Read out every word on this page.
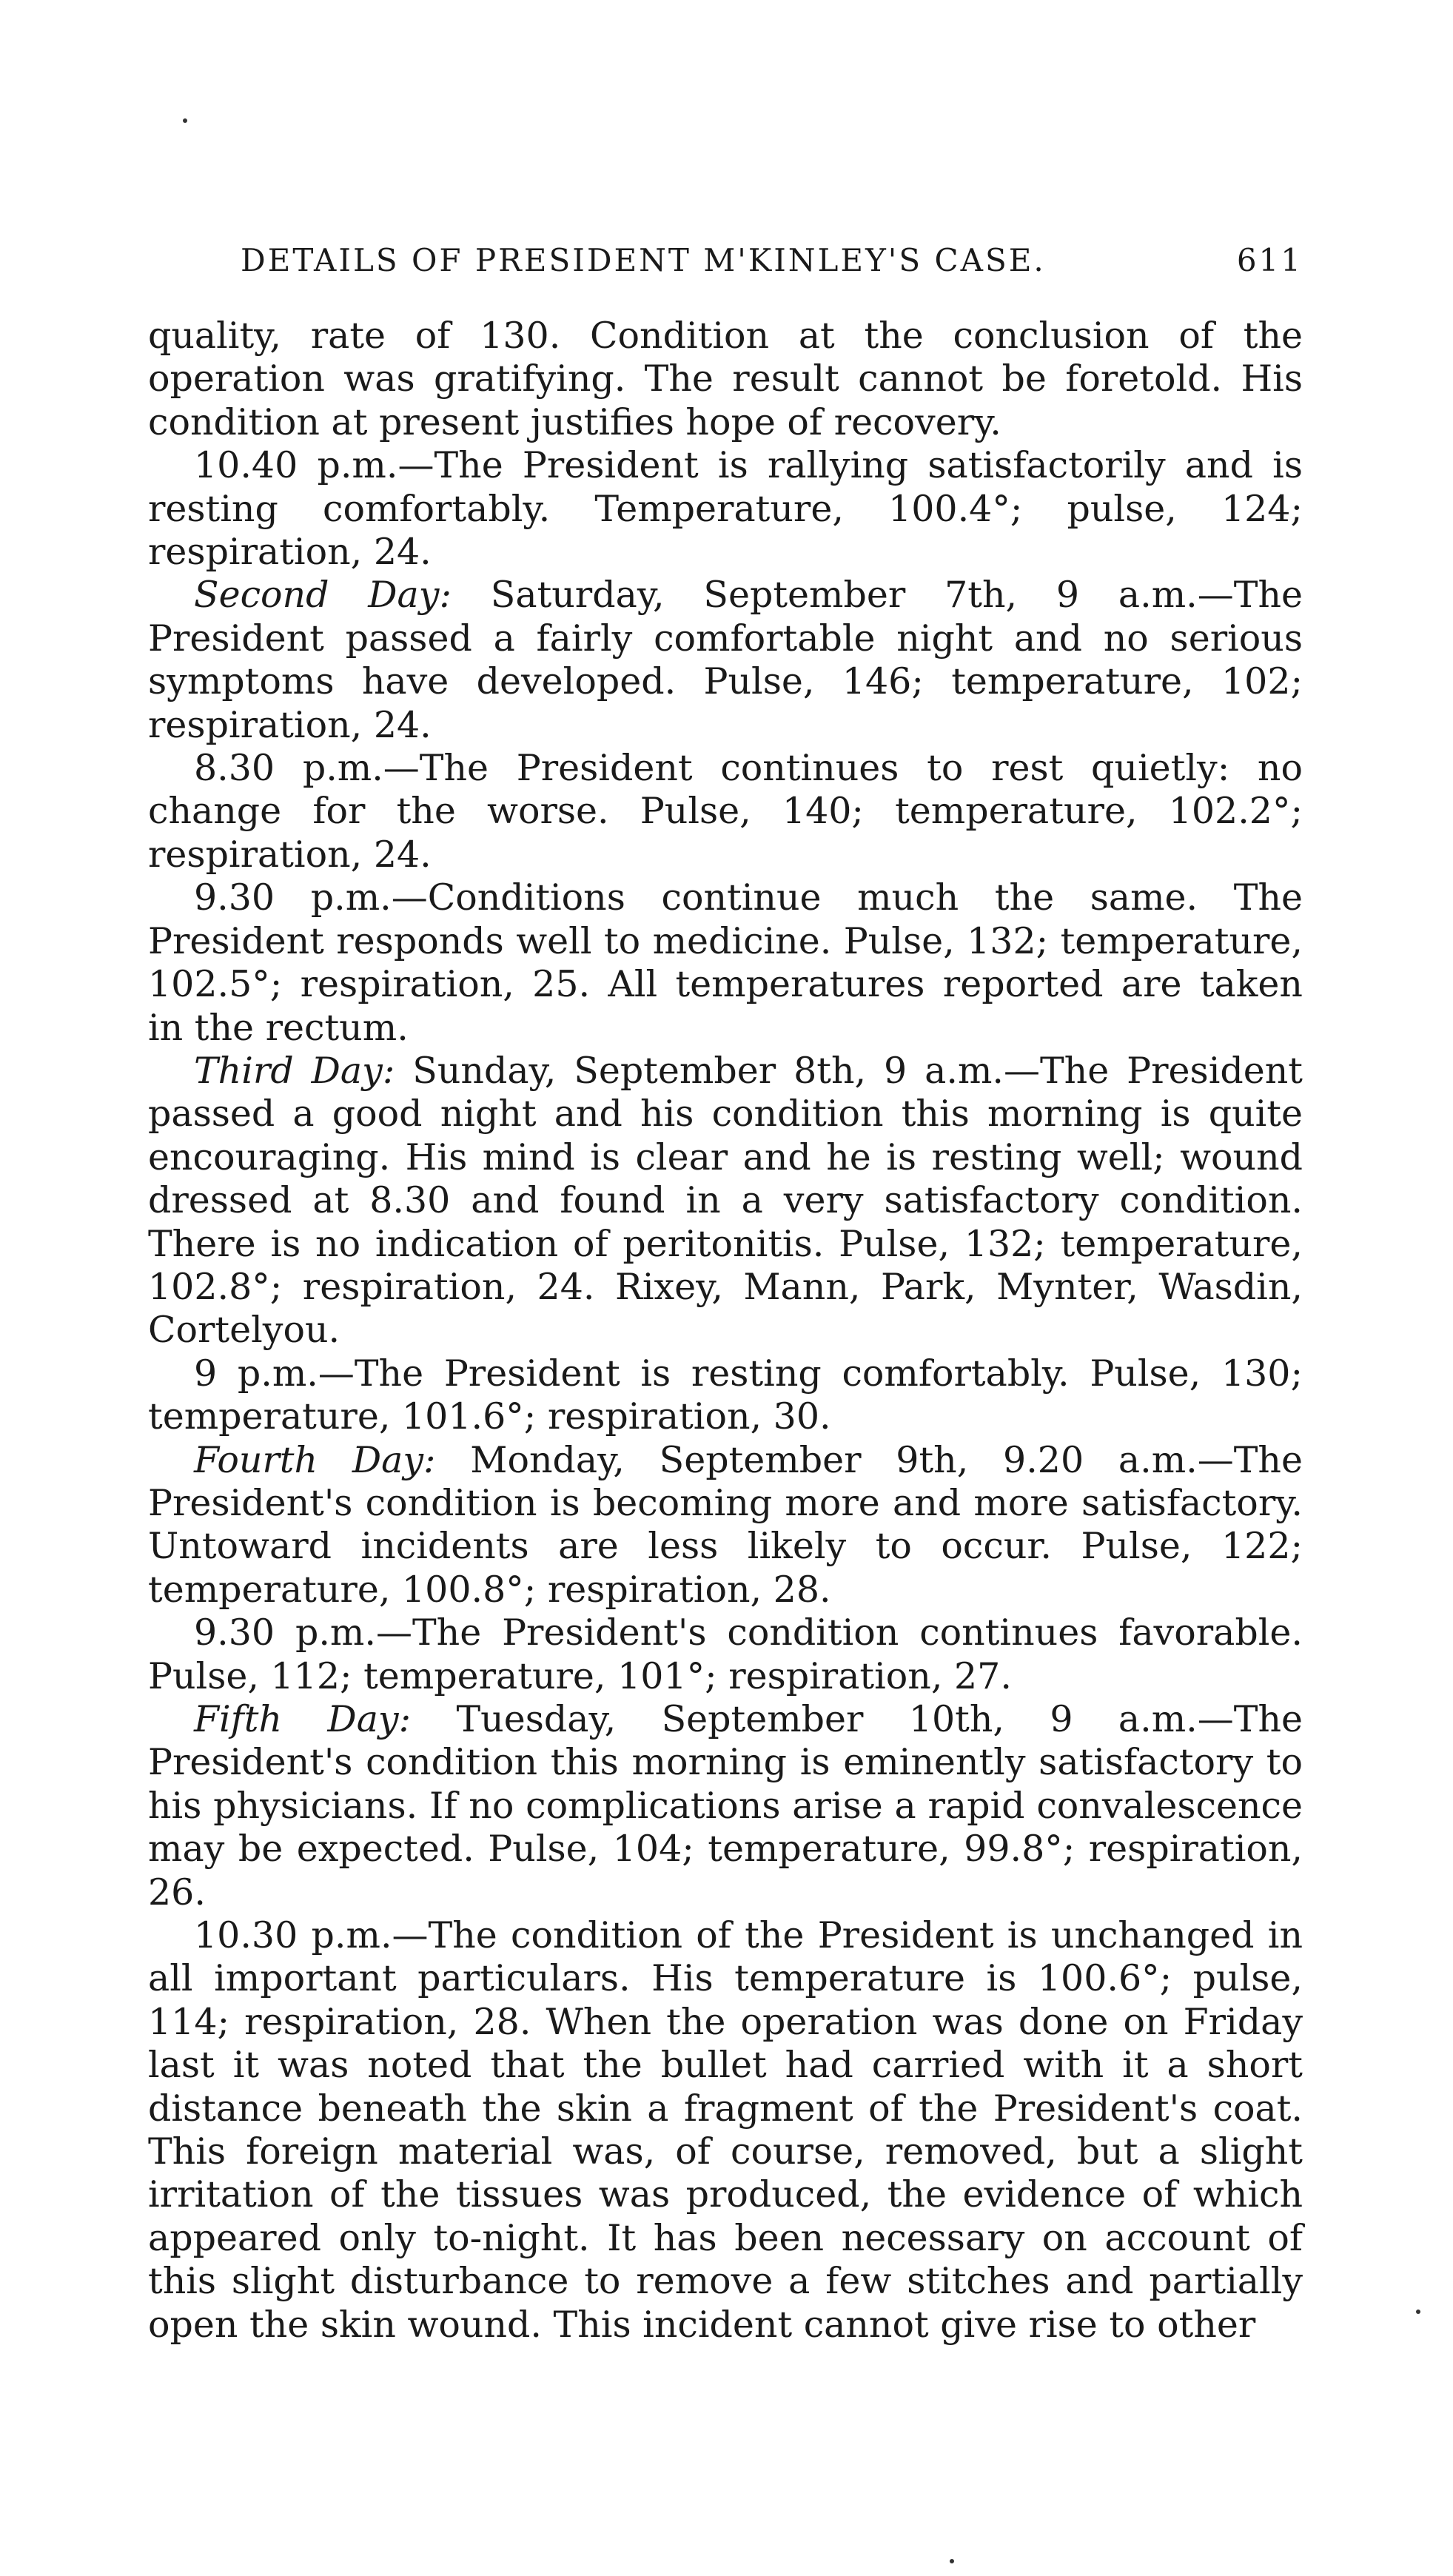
DETAILS OF PRESIDENT M'KINLEY'S CASE.	611

quality, rate of 130. Condition at the conclusion of the operation was gratifying. The result cannot be foretold. His condition at present justifies hope of recovery.

10.40 p.m.—The President is rallying satisfactorily and is resting comfortably. Temperature, 100.4°; pulse, 124; respiration, 24.

Second Day: Saturday, September 7th, 9 a.m.—The President passed a fairly comfortable night and no serious symptoms have developed. Pulse, 146; temperature, 102; respiration, 24.

8.30 p.m.—The President continues to rest quietly: no change for the worse. Pulse, 140; temperature, 102.2°; respiration, 24.

9.30 p.m.—Conditions continue much the same. The President responds well to medicine. Pulse, 132; temperature, 102.5°; respiration, 25. All temperatures reported are taken in the rectum.

Third Day: Sunday, September 8th, 9 a.m.—The President passed a good night and his condition this morning is quite encouraging. His mind is clear and he is resting well; wound dressed at 8.30 and found in a very satisfactory condition. There is no indication of peritonitis. Pulse, 132; temperature, 102.8°; respiration, 24. Rixey, Mann, Park, Mynter, Wasdin, Cortelyou.

9 p.m.—The President is resting comfortably. Pulse, 130; temperature, 101.6°; respiration, 30.

Fourth Day: Monday, September 9th, 9.20 a.m.—The President's condition is becoming more and more satisfactory. Untoward incidents are less likely to occur. Pulse, 122; temperature, 100.8°; respiration, 28.

9.30 p.m.—The President's condition continues favorable. Pulse, 112; temperature, 101°; respiration, 27.

Fifth Day: Tuesday, September 10th, 9 a.m.—The President's condition this morning is eminently satisfactory to his physicians. If no complications arise a rapid convalescence may be expected. Pulse, 104; temperature, 99.8°; respiration, 26.

10.30 p.m.—The condition of the President is unchanged in all important particulars. His temperature is 100.6°; pulse, 114; respiration, 28. When the operation was done on Friday last it was noted that the bullet had carried with it a short distance beneath the skin a fragment of the President's coat. This foreign material was, of course, removed, but a slight irritation of the tissues was produced, the evidence of which appeared only to-night. It has been necessary on account of this slight disturbance to remove a few stitches and partially open the skin wound. This incident cannot give rise to other
